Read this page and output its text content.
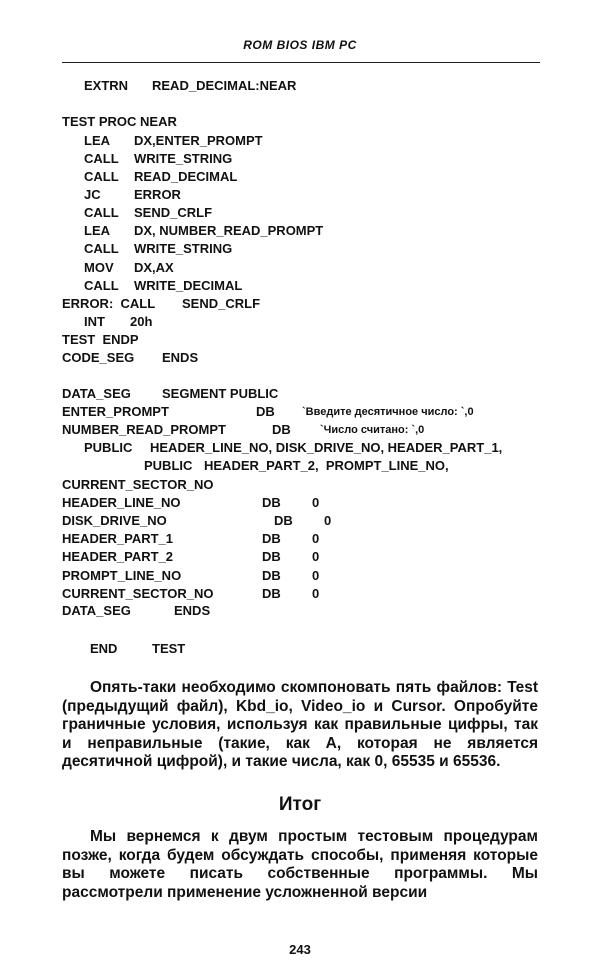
ROM BIOS IBM PC
EXTRN READ_DECIMAL:NEAR
TEST PROC NEAR
LEA DX,ENTER_PROMPT
CALL WRITE_STRING
CALL READ_DECIMAL
JC	ERROR
CALL SEND_CRLF
LEA DX, NUMBER_READ_PROMPT
CALL WRITE_STRING
MOV DX,AX
CALL WRITE_DECIMAL
ERROR:  CALL SEND_CRLF
INT 20h
TEST  ENDP
CODE_SEG ENDS
DATA_SEG SEGMENT PUBLIC
ENTER_PROMPT	DB `Введите десятичное число: `,0
NUMBER_READ_PROMPT	DB	`Число считано: `,0
PUBLIC HEADER_LINE_NO, DISK_DRIVE_NO, HEADER_PART_1,
PUBLIC HEADER_PART_2,  PROMPT_LINE_NO,
CURRENT_SECTOR_NO
HEADER_LINE_NO	DB 0
DISK_DRIVE_NO	DB 0
HEADER_PART_1	DB 0
HEADER_PART_2	DB 0
PROMPT_LINE_NO	DB 0
CURRENT_SECTOR_NO	DB 0
DATA_SEG	ENDS
END	TEST

Опять-таки необходимо скомпоновать пять файлов: Test (предыдущий файл), Kbd_io, Video_io и Cursor. Опробуйте граничные условия, используя как правильные цифры, так и неправильные (такие, как A, которая не является десятичной цифрой), и такие числа, как 0, 65535 и 65536.

Итог

Мы вернемся к двум простым тестовым процедурам позже, когда будем обсуждать способы, применяя которые вы можете писать собственные программы. Мы рассмотрели применение усложненной версии

243
